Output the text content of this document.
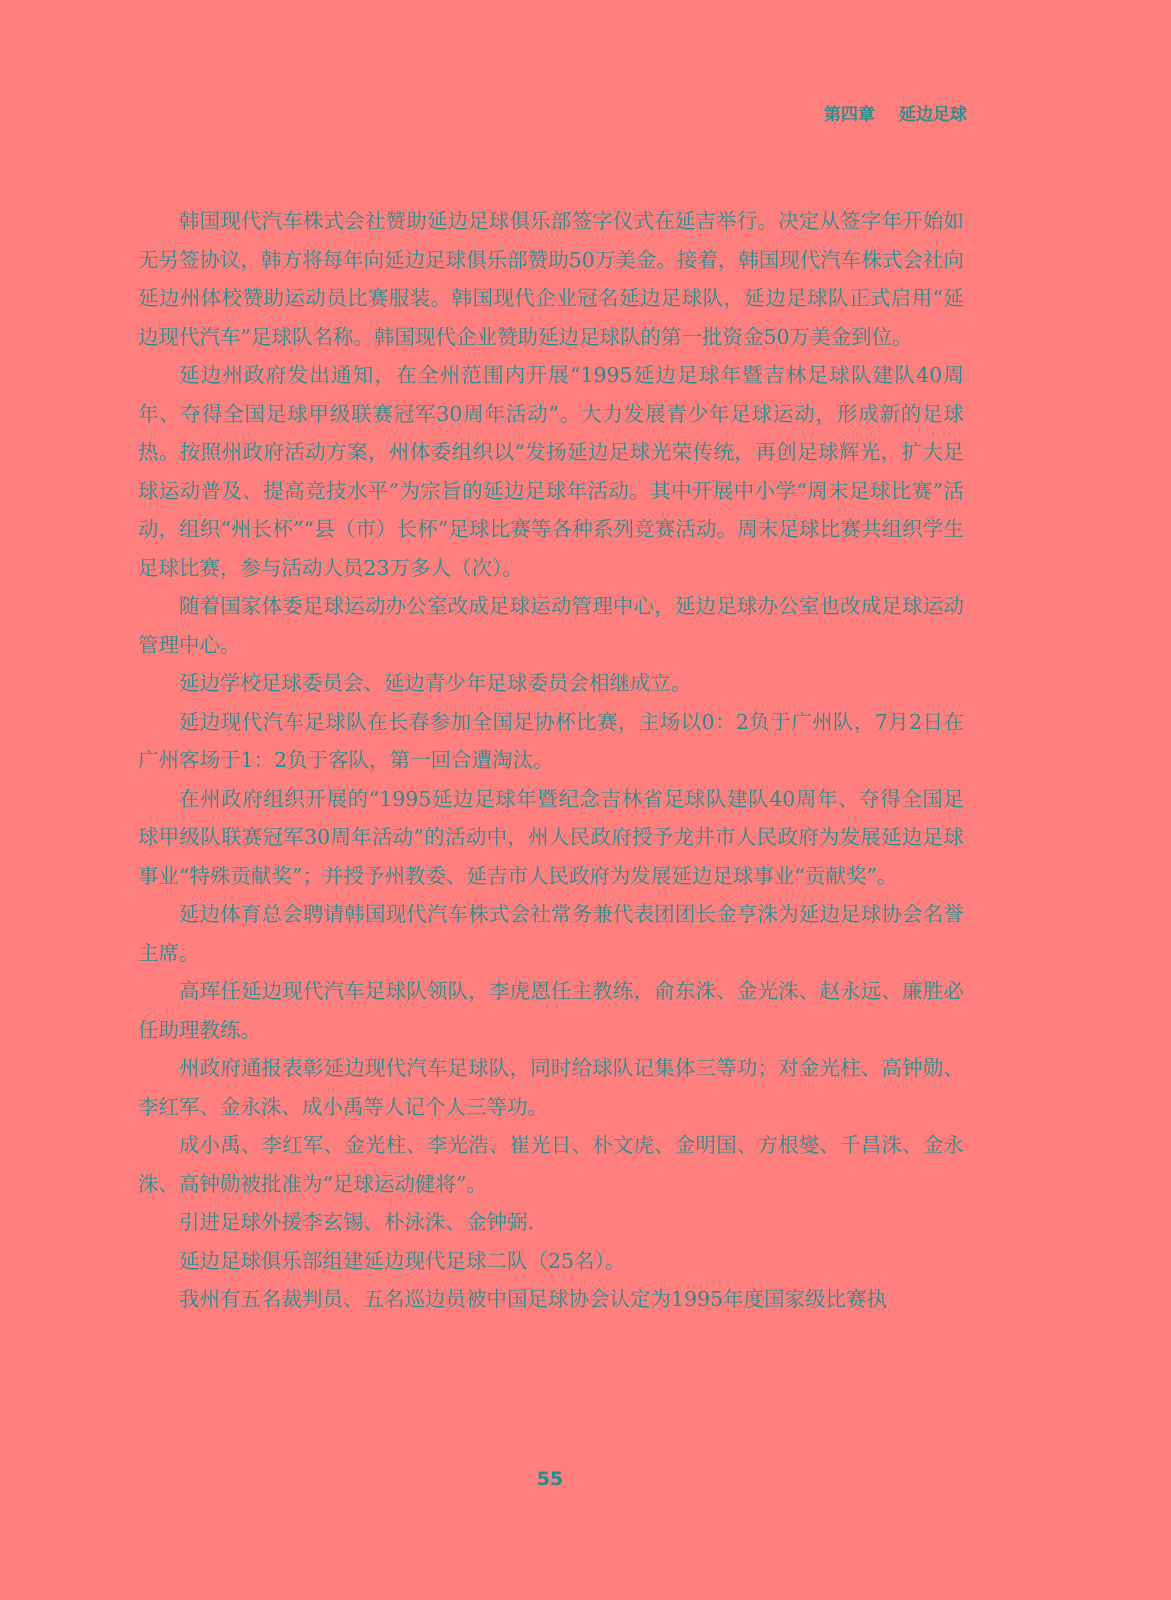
第四章 延边足球

韩国现代汽车株式会社赞助延边足球俱乐部签字仪式在延吉举行。决定从签字年开始如无另签协议，韩方将每年向延边足球俱乐部赞助50万美金。接着，韩国现代汽车株式会社向延边州体校赞助运动员比赛服装。韩国现代企业冠名延边足球队，延边足球队正式启用“延边现代汽车”足球队名称。韩国现代企业赞助延边足球队的第一批资金50万美金到位。

延边州政府发出通知，在全州范围内开展“1995延边足球年暨吉林足球队建队40周年、夺得全国足球甲级联赛冠军30周年活动”。大力发展青少年足球运动，形成新的足球热。按照州政府活动方案，州体委组织以“发扬延边足球光荣传统，再创足球辉光，扩大足球运动普及、提高竞技水平”为宗旨的延边足球年活动。其中开展中小学“周末足球比赛”活动，组织“州长杯”“县（市）长杯”足球比赛等各种系列竞赛活动。周末足球比赛共组织学生足球比赛，参与活动人员23万多人（次）。

随着国家体委足球运动办公室改成足球运动管理中心，延边足球办公室也改成足球运动管理中心。

延边学校足球委员会、延边青少年足球委员会相继成立。

延边现代汽车足球队在长春参加全国足协杯比赛，主场以0：2负于广州队，7月2日在广州客场于1：2负于客队，第一回合遭淘汰。

在州政府组织开展的“1995延边足球年暨纪念吉林省足球队建队40周年、夺得全国足球甲级队联赛冠军30周年活动”的活动中，州人民政府授予龙井市人民政府为发展延边足球事业“特殊贡献奖”；并授予州教委、延吉市人民政府为发展延边足球事业“贡献奖”。

延边体育总会聘请韩国现代汽车株式会社常务兼代表团团长金亨洙为延边足球协会名誉主席。

高珲任延边现代汽车足球队领队，李虎恩任主教练，俞东洙、金光洙、赵永远、廉胜必任助理教练。

州政府通报表彰延边现代汽车足球队，同时给球队记集体三等功；对金光柱、高钟勋、李红军、金永洙、成小禹等人记个人三等功。

成小禹、李红军、金光柱、李光浩、崔光日、朴文虎、金明国、方根燮、千昌洙、金永洙、高钟勋被批准为“足球运动健将”。

引进足球外援李玄锡、朴泳洙、金钟弼.

延边足球俱乐部组建延边现代足球二队（25名）。

我州有五名裁判员、五名巡边员被中国足球协会认定为1995年度国家级比赛执

55
